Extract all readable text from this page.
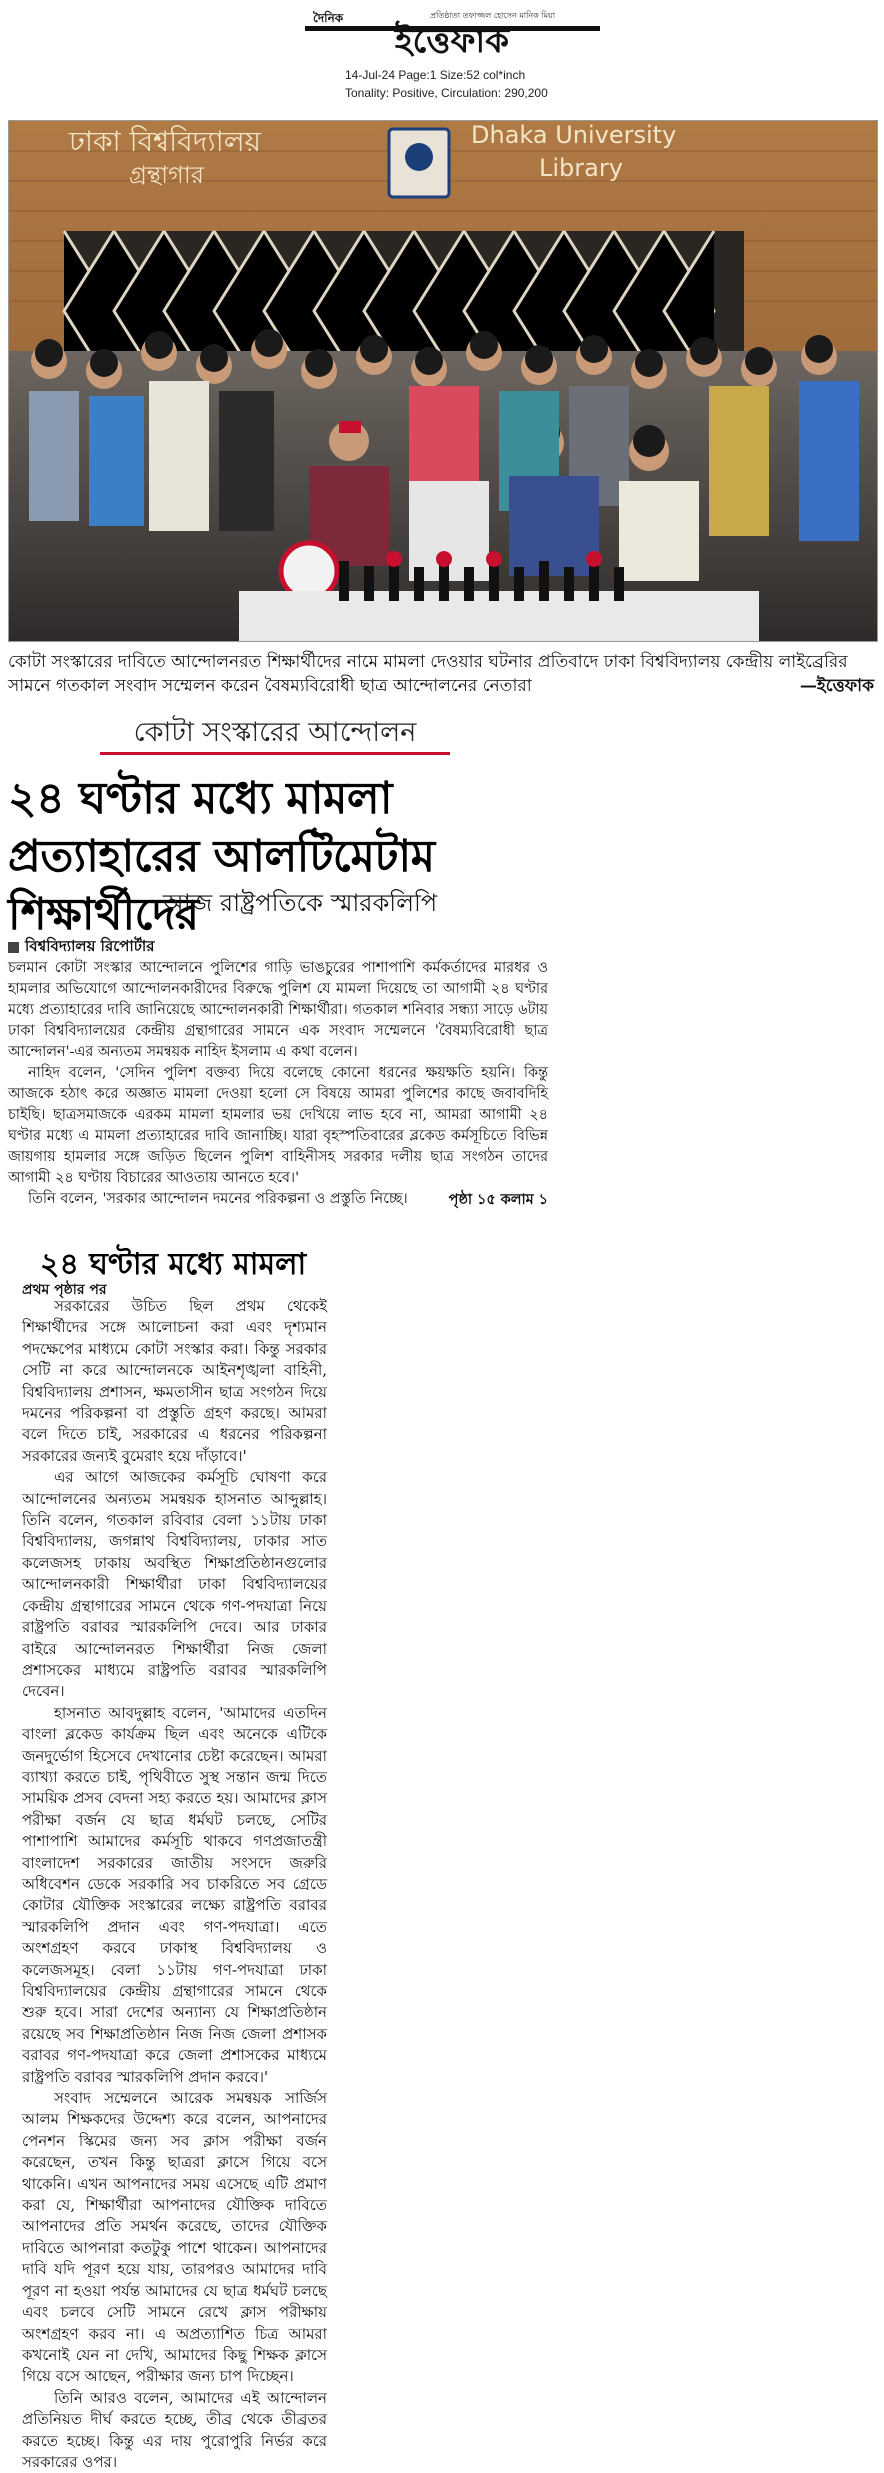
প্রতিষ্ঠাতা তফাজ্জল হোসেন মানিক মিয়া
দৈনিক
ইত্তেফাক
14-Jul-24 Page:1 Size:52 col*inch
Tonality: Positive, Circulation: 290,200
ঢাকা বিশ্ববিদ্যালয়
গ্রন্থাগার
Dhaka University
Library
কোটা সংস্কারের দাবিতে আন্দোলনরত শিক্ষার্থীদের নামে মামলা দেওয়ার ঘটনার প্রতিবাদে ঢাকা বিশ্ববিদ্যালয় কেন্দ্রীয় লাইব্রেরির সামনে গতকাল সংবাদ সম্মেলন করেন বৈষম্যবিরোধী ছাত্র আন্দোলনের নেতারা	—ইত্তেফাক
কোটা সংস্কারের আন্দোলন
২৪ ঘণ্টার মধ্যে মামলা প্রত্যাহারের আলটিমেটাম শিক্ষার্থীদের
আজ রাষ্ট্রপতিকে স্মারকলিপি
বিশ্ববিদ্যালয় রিপোর্টার

চলমান কোটা সংস্কার আন্দোলনে পুলিশের গাড়ি ভাঙচুরের পাশাপাশি কর্মকর্তাদের মারধর ও হামলার অভিযোগে আন্দোলনকারীদের বিরুদ্ধে পুলিশ যে মামলা দিয়েছে তা আগামী ২৪ ঘণ্টার মধ্যে প্রত্যাহারের দাবি জানিয়েছে আন্দোলনকারী শিক্ষার্থীরা। গতকাল শনিবার সন্ধ্যা সাড়ে ৬টায় ঢাকা বিশ্ববিদ্যালয়ের কেন্দ্রীয় গ্রন্থাগারের সামনে এক সংবাদ সম্মেলনে 'বৈষম্যবিরোধী ছাত্র আন্দোলন'-এর অন্যতম সমন্বয়ক নাহিদ ইসলাম এ কথা বলেন।

নাহিদ বলেন, 'সেদিন পুলিশ বক্তব্য দিয়ে বলেছে কোনো ধরনের ক্ষয়ক্ষতি হয়নি। কিন্তু আজকে হঠাৎ করে অজ্ঞাত মামলা দেওয়া হলো সে বিষয়ে আমরা পুলিশের কাছে জবাবদিহি চাইছি। ছাত্রসমাজকে এরকম মামলা হামলার ভয় দেখিয়ে লাভ হবে না, আমরা আগামী ২৪ ঘণ্টার মধ্যে এ মামলা প্রত্যাহারের দাবি জানাচ্ছি। যারা বৃহস্পতিবারের ব্লকেড কর্মসূচিতে বিভিন্ন জায়গায় হামলার সঙ্গে জড়িত ছিলেন পুলিশ বাহিনীসহ সরকার দলীয় ছাত্র সংগঠন তাদের আগামী ২৪ ঘণ্টায় বিচারের আওতায় আনতে হবে।'

তিনি বলেন, 'সরকার আন্দোলন দমনের পরিকল্পনা ও প্রস্তুতি নিচ্ছে।	পৃষ্ঠা ১৫ কলাম ১

২৪ ঘণ্টার মধ্যে মামলা
প্রথম পৃষ্ঠার পর

সরকারের উচিত ছিল প্রথম থেকেই শিক্ষার্থীদের সঙ্গে আলোচনা করা এবং দৃশ্যমান পদক্ষেপের মাধ্যমে কোটা সংস্কার করা। কিন্তু সরকার সেটি না করে আন্দোলনকে আইনশৃঙ্খলা বাহিনী, বিশ্ববিদ্যালয় প্রশাসন, ক্ষমতাসীন ছাত্র সংগঠন দিয়ে দমনের পরিকল্পনা বা প্রস্তুতি গ্রহণ করছে। আমরা বলে দিতে চাই, সরকারের এ ধরনের পরিকল্পনা সরকারের জন্যই বুমেরাং হয়ে দাঁড়াবে।'

এর আগে আজকের কর্মসূচি ঘোষণা করে আন্দোলনের অন্যতম সমন্বয়ক হাসনাত আব্দুল্লাহ। তিনি বলেন, গতকাল রবিবার বেলা ১১টায় ঢাকা বিশ্ববিদ্যালয়, জগন্নাথ বিশ্ববিদ্যালয়, ঢাকার সাত কলেজসহ ঢাকায় অবস্থিত শিক্ষাপ্রতিষ্ঠানগুলোর আন্দোলনকারী শিক্ষার্থীরা ঢাকা বিশ্ববিদ্যালয়ের কেন্দ্রীয় গ্রন্থাগারের সামনে থেকে গণ-পদযাত্রা নিয়ে রাষ্ট্রপতি বরাবর স্মারকলিপি দেবে। আর ঢাকার বাইরে আন্দোলনরত শিক্ষার্থীরা নিজ জেলা প্রশাসকের মাধ্যমে রাষ্ট্রপতি বরাবর স্মারকলিপি দেবেন।

হাসনাত আবদুল্লাহ বলেন, 'আমাদের এতদিন বাংলা ব্লকেড কার্যক্রম ছিল এবং অনেকে এটিকে জনদুর্ভোগ হিসেবে দেখানোর চেষ্টা করেছেন। আমরা ব্যাখ্যা করতে চাই, পৃথিবীতে সুস্থ সন্তান জন্ম দিতে সাময়িক প্রসব বেদনা সহ্য করতে হয়। আমাদের ক্লাস পরীক্ষা বর্জন যে ছাত্র ধর্মঘট চলছে, সেটির পাশাপাশি আমাদের কর্মসূচি থাকবে গণপ্রজাতন্ত্রী বাংলাদেশ সরকারের জাতীয় সংসদে জরুরি অধিবেশন ডেকে সরকারি সব চাকরিতে সব গ্রেডে কোটার যৌক্তিক সংস্কারের লক্ষ্যে রাষ্ট্রপতি বরাবর স্মারকলিপি প্রদান এবং গণ-পদযাত্রা। এতে অংশগ্রহণ করবে ঢাকাস্থ বিশ্ববিদ্যালয় ও কলেজসমূহ। বেলা ১১টায় গণ-পদযাত্রা ঢাকা বিশ্ববিদ্যালয়ের কেন্দ্রীয় গ্রন্থাগারের সামনে থেকে শুরু হবে। সারা দেশের অন্যান্য যে শিক্ষাপ্রতিষ্ঠান রয়েছে সব শিক্ষাপ্রতিষ্ঠান নিজ নিজ জেলা প্রশাসক বরাবর গণ-পদযাত্রা করে জেলা প্রশাসকের মাধ্যমে রাষ্ট্রপতি বরাবর স্মারকলিপি প্রদান করবে।'

সংবাদ সম্মেলনে আরেক সমন্বয়ক সার্জিস আলম শিক্ষকদের উদ্দেশ্য করে বলেন, আপনাদের পেনশন স্কিমের জন্য সব ক্লাস পরীক্ষা বর্জন করেছেন, তখন কিন্তু ছাত্ররা ক্লাসে গিয়ে বসে থাকেনি। এখন আপনাদের সময় এসেছে এটি প্রমাণ করা যে, শিক্ষার্থীরা আপনাদের যৌক্তিক দাবিতে আপনাদের প্রতি সমর্থন করেছে, তাদের যৌক্তিক দাবিতে আপনারা কতটুকু পাশে থাকেন। আপনাদের দাবি যদি পূরণ হয়ে যায়, তারপরও আমাদের দাবি পূরণ না হওয়া পর্যন্ত আমাদের যে ছাত্র ধর্মঘট চলছে এবং চলবে সেটি সামনে রেখে ক্লাস পরীক্ষায় অংশগ্রহণ করব না। এ অপ্রত্যাশিত চিত্র আমরা কখনোই যেন না দেখি, আমাদের কিছু শিক্ষক ক্লাসে গিয়ে বসে আছেন, পরীক্ষার জন্য চাপ দিচ্ছেন।

তিনি আরও বলেন, আমাদের এই আন্দোলন প্রতিনিয়ত দীর্ঘ করতে হচ্ছে, তীব্র থেকে তীব্রতর করতে হচ্ছে। কিন্তু এর দায় পুরোপুরি নির্ভর করে সরকারের ওপর।
